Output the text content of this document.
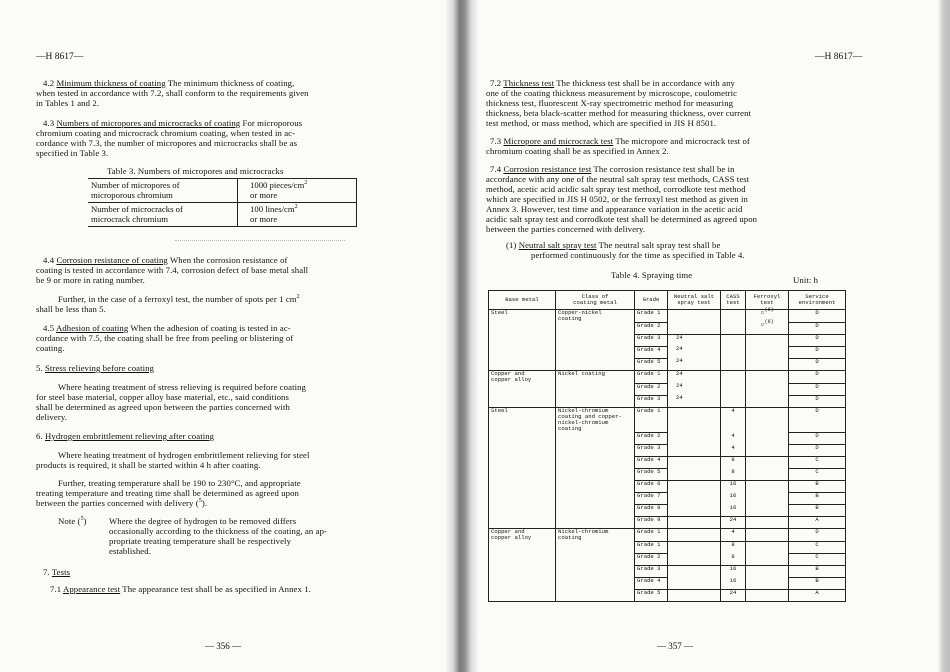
—H 8617—
4.2 Minimum thickness of coating The minimum thickness of coating,
when tested in accordance with 7.2, shall conform to the requirements given
in Tables 1 and 2.
4.3 Numbers of micropores and microcracks of coating For microporous
chromium coating and microcrack chromium coating, when tested in ac-
cordance with 7.3, the number of micropores and microcracks shall be as
specified in Table 3.
Table 3. Numbers of micropores and microcracks
Number of micropores of
microporous chromium	1000 pieces/$cm^2$
or more
Number of microcracks of
microcrack chromium	100 lines/$cm^2$
or more
4.4 Corrosion resistance of coating When the corrosion resistance of
coating is tested in accordance with 7.4, corrosion defect of base metal shall
be 9 or more in rating number.
Further, in the case of a ferroxyl test, the number of spots per 1 $cm^2$
shall be less than 5.
4.5 Adhesion of coating When the adhesion of coating is tested in ac-
cordance with 7.5, the coating shall be free from peeling or blistering of
coating.
5. Stress relieving before coating
Where heating treatment of stress relieving is required before coating
for steel base material, copper alloy base material, etc., said conditions
shall be determined as agreed upon between the parties concerned with
delivery.
6. Hydrogen embrittlement relieving after coating
Where heating treatment of hydrogen embrittlement relieving for steel
products is required, it shall be started within 4 h after coating.
Further, treating temperature shall be 190 to 230°C, and appropriate
treating temperature and treating time shall be determined as agreed upon
between the parties concerned with delivery ($^5$).
Note ($^5$)	Where the degree of hydrogen to be removed differs
occasionally according to the thickness of the coating, an ap-
propriate treating temperature shall be respectively
established.
7. Tests
7.1 Appearance test The appearance test shall be as specified in Annex 1.
— 356 —
—H 8617—
7.2 Thickness test The thickness test shall be in accordance with any
one of the coating thickness measurement by microscope, coulometric
thickness test, fluorescent X-ray spectrometric method for measuring
thickness, beta black-scatter method for measuring thickness, over current
test method, or mass method, which are specified in JIS H 8501.
7.3 Micropore and microcrack test The micropore and microcrack test of
chromium coating shall be as specified in Annex 2.
7.4 Corrosion resistance test The corrosion resistance test shall be in
accordance with any one of the neutral salt spray test methods, CASS test
method, acetic acid acidic salt spray test method, corrodkote test method
which are specified in JIS H 0502, or the ferroxyl test method as given in
Annex 3. However, test time and appearance variation in the acetic acid
acidic salt spray test and corrodkote test shall be determined as agreed upon
between the parties concerned with delivery.
(1) Neutral salt spray test The neutral salt spray test shall be
performed continuously for the time as specified in Table 4.
Table 4. Spraying time	Unit: h
Base metal	Class of
coating metal	Grade	Neutral salt
spray test	CASS
test	Ferroxyl
test	Service
environment
Steel	Copper-nickel
coating	Grade 1			○$^{(6)}$	D
		Grade 2			○$^{(6)}$	D
		Grade 3	24			D
		Grade 4	24			D
		Grade 5	24			D
Copper and
copper alloy	Nickel coating	Grade 1	24			D
		Grade 2	24			D
		Grade 3	24			D
Steel	Nickel-chromium
coating and copper-
nickel-chromium
coating	Grade 1		4		D
		Grade 2		4		D
		Grade 3		4		D
		Grade 4		8		C
		Grade 5		8		C
		Grade 6		16		B
		Grade 7		16		B
		Grade 8		16		B
		Grade 9		24		A
Copper and
copper alloy	Nickel-chromium
coating	Grade 1		4		D
		Grade 1		8		C
		Grade 2		8		C
		Grade 3		16		B
		Grade 4		16		B
		Grade 5		24		A
— 357 —
